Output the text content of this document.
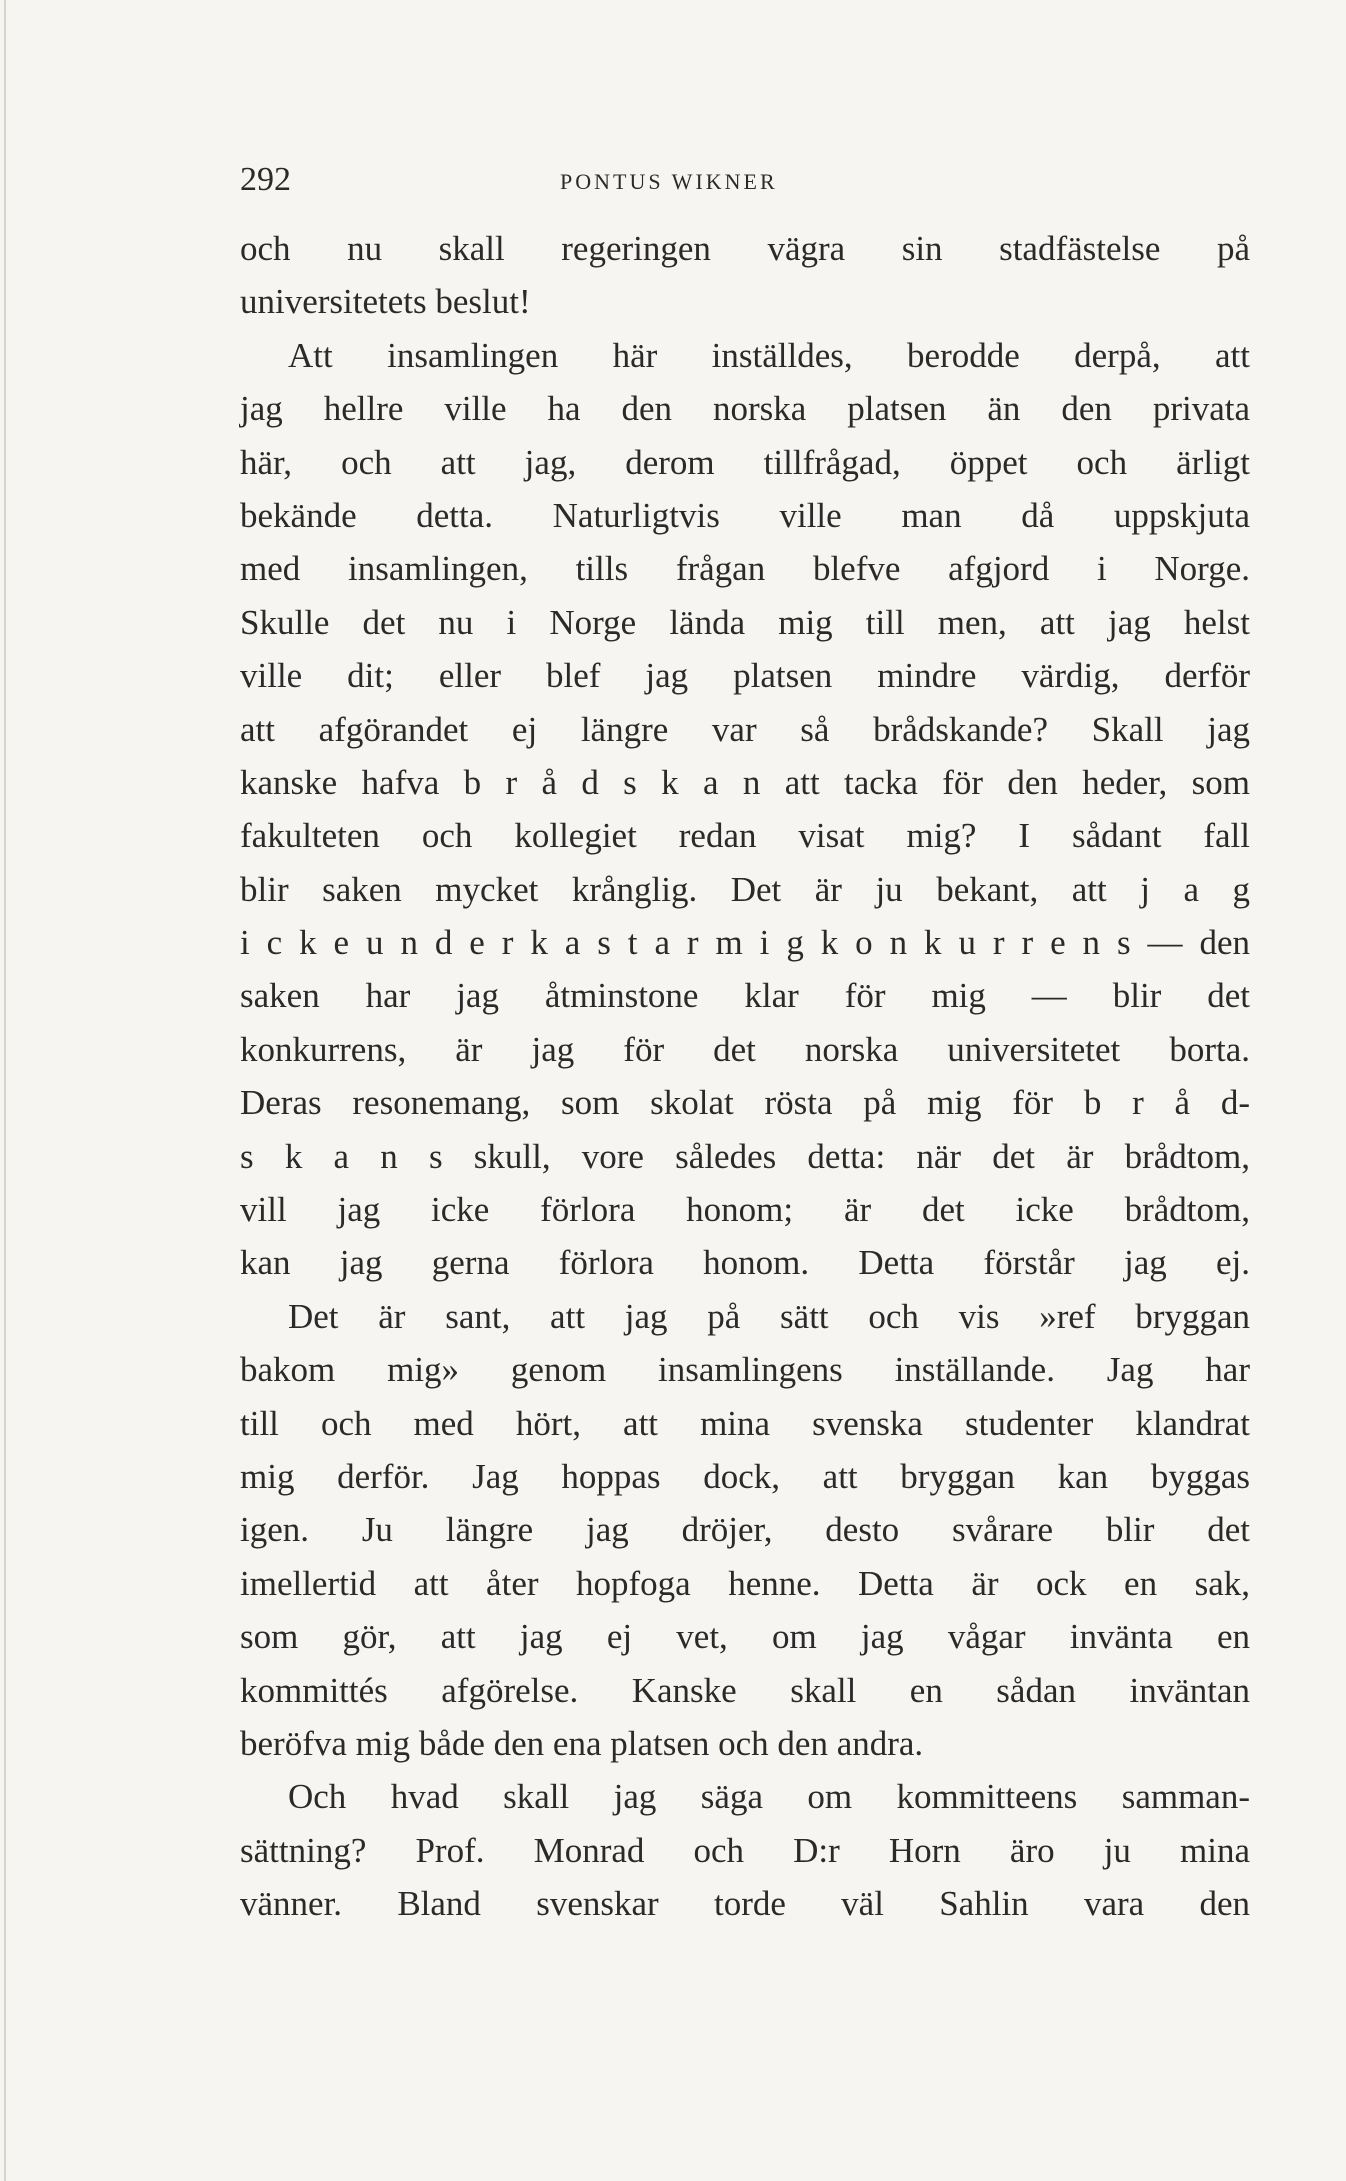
292	PONTUS WIKNER
och nu skall regeringen vägra sin stadfästelse på
universitetets beslut!
Att insamlingen här inställdes, berodde derpå, att
jag hellre ville ha den norska platsen än den privata
här, och att jag, derom tillfrågad, öppet och ärligt
bekände detta. Naturligtvis ville man då uppskjuta
med insamlingen, tills frågan blefve afgjord i Norge.
Skulle det nu i Norge lända mig till men, att jag helst
ville dit; eller blef jag platsen mindre värdig, derför
att afgörandet ej längre var så brådskande? Skall jag
kanske hafva b r å d s k a n att tacka för den heder, som
fakulteten och kollegiet redan visat mig? I sådant fall
blir saken mycket krånglig. Det är ju bekant, att j a g
i c k e u n d e r k a s t a r m i g k o n k u r r e n s — den
saken har jag åtminstone klar för mig — blir det
konkurrens, är jag för det norska universitetet borta.
Deras resonemang, som skolat rösta på mig för b r å d-
s k a n s skull, vore således detta: när det är brådtom,
vill jag icke förlora honom; är det icke brådtom,
kan jag gerna förlora honom. Detta förstår jag ej.
Det är sant, att jag på sätt och vis »ref bryggan
bakom mig» genom insamlingens inställande. Jag har
till och med hört, att mina svenska studenter klandrat
mig derför. Jag hoppas dock, att bryggan kan byggas
igen. Ju längre jag dröjer, desto svårare blir det
imellertid att åter hopfoga henne. Detta är ock en sak,
som gör, att jag ej vet, om jag vågar invänta en
kommittés afgörelse. Kanske skall en sådan inväntan
beröfva mig både den ena platsen och den andra.
Och hvad skall jag säga om kommitteens samman-
sättning? Prof. Monrad och D:r Horn äro ju mina
vänner. Bland svenskar torde väl Sahlin vara den
